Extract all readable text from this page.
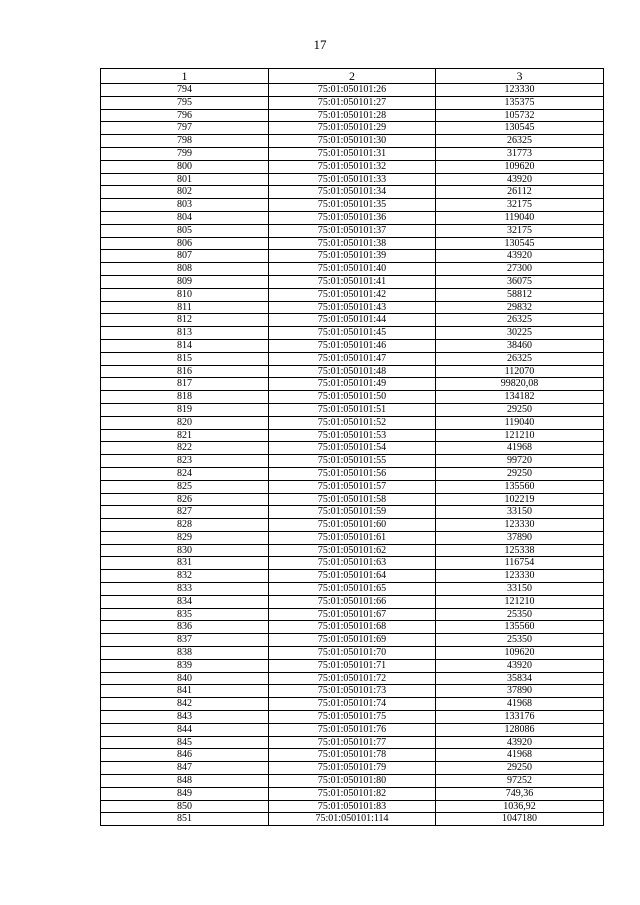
17
1	2	3
794	75:01:050101:26	123330
795	75:01:050101:27	135375
796	75:01:050101:28	105732
797	75:01:050101:29	130545
798	75:01:050101:30	26325
799	75:01:050101:31	31773
800	75:01:050101:32	109620
801	75:01:050101:33	43920
802	75:01:050101:34	26112
803	75:01:050101:35	32175
804	75:01:050101:36	119040
805	75:01:050101:37	32175
806	75:01:050101:38	130545
807	75:01:050101:39	43920
808	75:01:050101:40	27300
809	75:01:050101:41	36075
810	75:01:050101:42	58812
811	75:01:050101:43	29832
812	75:01:050101:44	26325
813	75:01:050101:45	30225
814	75:01:050101:46	38460
815	75:01:050101:47	26325
816	75:01:050101:48	112070
817	75:01:050101:49	99820,08
818	75:01:050101:50	134182
819	75:01:050101:51	29250
820	75:01:050101:52	119040
821	75:01:050101:53	121210
822	75:01:050101:54	41968
823	75:01:050101:55	99720
824	75:01:050101:56	29250
825	75:01:050101:57	135560
826	75:01:050101:58	102219
827	75:01:050101:59	33150
828	75:01:050101:60	123330
829	75:01:050101:61	37890
830	75:01:050101:62	125338
831	75:01:050101:63	116754
832	75:01:050101:64	123330
833	75:01:050101:65	33150
834	75:01:050101:66	121210
835	75:01:050101:67	25350
836	75:01:050101:68	135560
837	75:01:050101:69	25350
838	75:01:050101:70	109620
839	75:01:050101:71	43920
840	75:01:050101:72	35834
841	75:01:050101:73	37890
842	75:01:050101:74	41968
843	75:01:050101:75	133176
844	75:01:050101:76	128086
845	75:01:050101:77	43920
846	75:01:050101:78	41968
847	75:01:050101:79	29250
848	75:01:050101:80	97252
849	75:01:050101:82	749,36
850	75:01:050101:83	1036,92
851	75:01:050101:114	1047180
